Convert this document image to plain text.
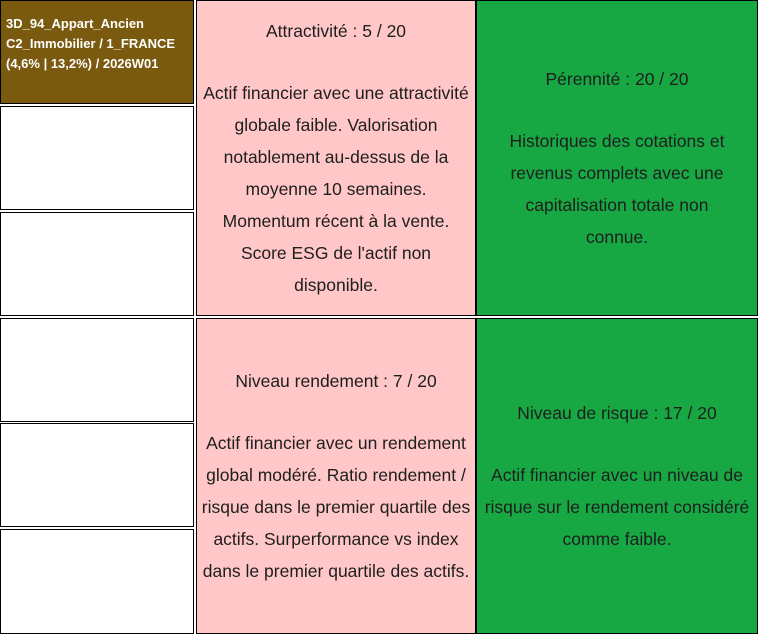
3D_94_Appart_Ancien
C2_Immobilier / 1_FRANCE
(4,6% | 13,2%) / 2026W01
Attractivité : 5 / 20
Actif financier avec une attractivité globale faible. Valorisation notablement au-dessus de la moyenne 10 semaines. Momentum récent à la vente. Score ESG de l'actif non disponible.
Pérennité : 20 / 20
Historiques des cotations et revenus complets avec une capitalisation totale non connue.
Niveau rendement : 7 / 20
Actif financier avec un rendement global modéré. Ratio rendement / risque dans le premier quartile des actifs. Surperformance vs index dans le premier quartile des actifs.
Niveau de risque : 17 / 20
Actif financier avec un niveau de risque sur le rendement considéré comme faible.
